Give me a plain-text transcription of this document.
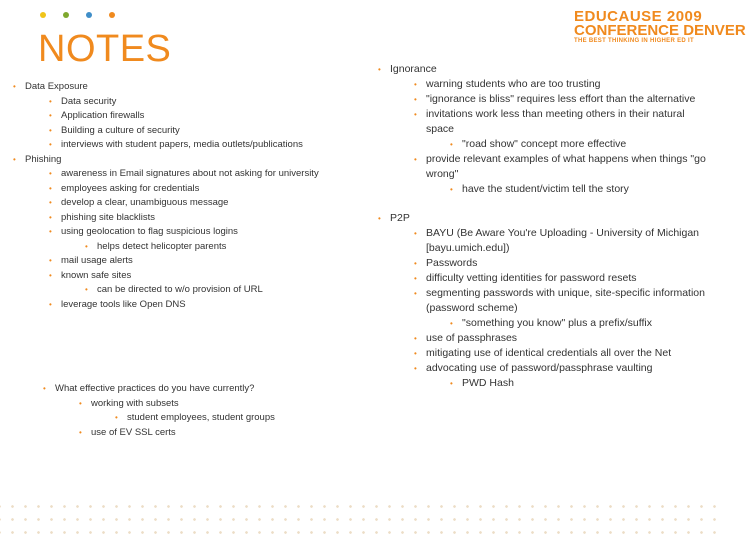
NOTES
EDUCAUSE 2009
CONFERENCE DENVER
THE BEST THINKING IN HIGHER ED IT
• Data Exposure
• Data security
• Application firewalls
• Building a culture of security
• interviews with student papers, media outlets/publications
• Phishing
• awareness in Email signatures about not asking for university
• employees asking for credentials
• develop a clear, unambiguous message
• phishing site blacklists
• using geolocation to flag suspicious logins
• helps detect helicopter parents
• mail usage alerts
• known safe sites
• can be directed to w/o provision of URL
• leverage tools like Open DNS
• What effective practices do you have currently?
• working with subsets
• student employees, student groups
• use of EV SSL certs
• Ignorance
• warning students who are too trusting
• "ignorance is bliss" requires less effort than the alternative
• invitations work less than meeting others in their natural space
• "road show" concept more effective
• provide relevant examples of what happens when things "go wrong"
• have the student/victim tell the story
• P2P
• BAYU (Be Aware You're Uploading - University of Michigan [bayu.umich.edu])
• Passwords
• difficulty vetting identities for password resets
• segmenting passwords with unique, site-specific information (password scheme)
• "something you know" plus a prefix/suffix
• use of passphrases
• mitigating use of identical credentials all over the Net
• advocating use of password/passphrase vaulting
• PWD Hash
